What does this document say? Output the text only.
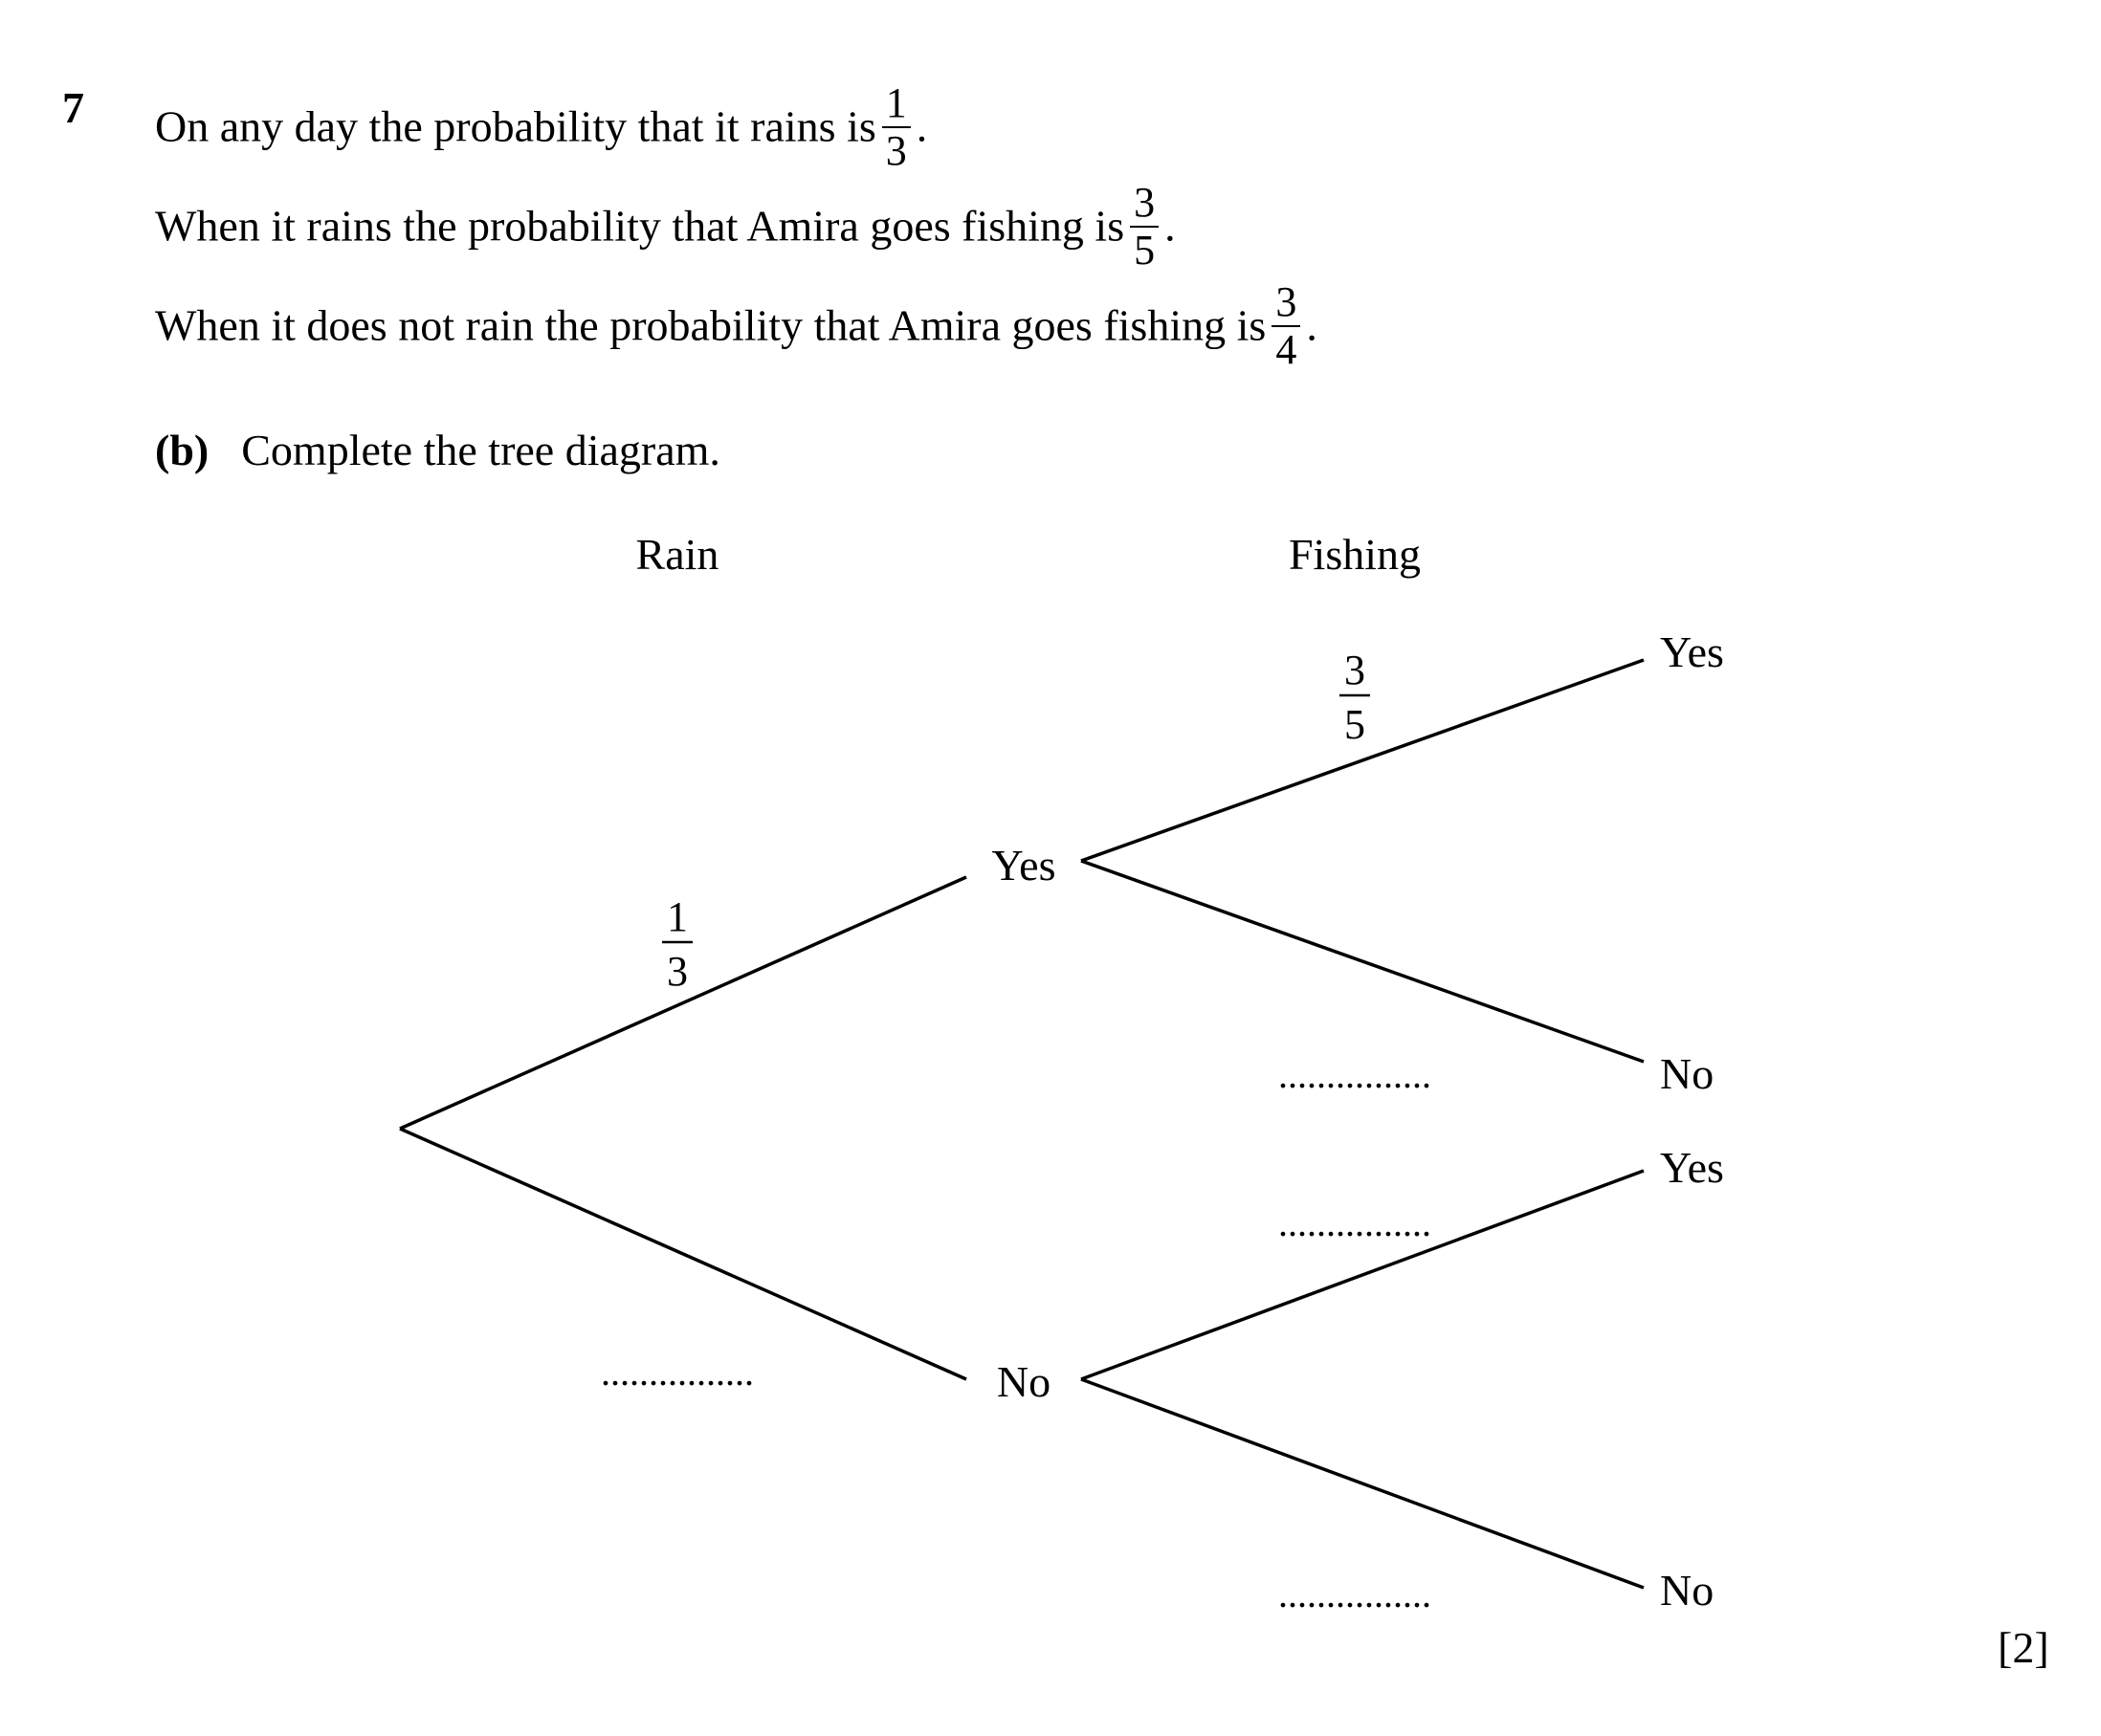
7 On any day the probability that it rains is $\frac{1}{3}$ .
When it rains the probability that Amira goes fishing is $\frac{3}{5}$ .
When it does not rain the probability that Amira goes fishing is $\frac{3}{4}$ .
(b) Complete the tree diagram.
Rain	Fishing
Yes
No
Yes
No
Yes
No
1
3
3
5
................
................
................
................
[2]
